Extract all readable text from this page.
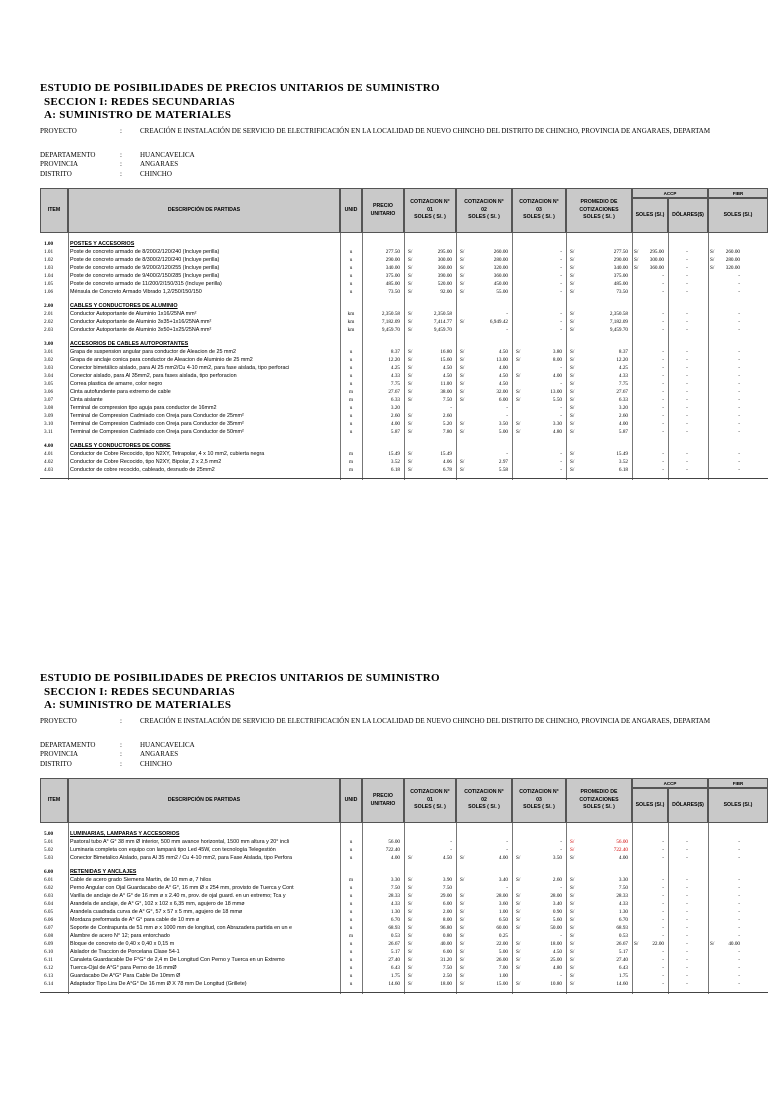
ESTUDIO DE POSIBILIDADES DE PRECIOS UNITARIOS DE SUMINISTRO
SECCION I: REDES SECUNDARIAS
A: SUMINISTRO DE MATERIALES
PROYECTO	:	CREACIÓN E INSTALACIÓN DE SERVICIO DE ELECTRIFICACIÓN EN LA LOCALIDAD DE NUEVO CHINCHO DEL DISTRITO DE CHINCHO, PROVINCIA DE ANGARAES, DEPARTAM
DEPARTAMENTO	:	HUANCAVELICA
PROVINCIA	:	ANGARAES
DISTRITO	:	CHINCHO
ITEM	DESCRIPCIÓN DE PARTIDAS	UNID
PRECIO
UNITARIO
COTIZACION N°
01
SOLES ( S/. )
COTIZACION N°
02
SOLES ( S/. )
COTIZACION N°
03
SOLES ( S/. )
PROMEDIO DE
COTIZACIONES
SOLES ( S/. )
ACCP	FIBR
SOLES (S/.)	DÓLARES($)	SOLES (S/.)
1.00	POSTES Y ACCESORIOS
1.01	Poste de concreto armado de 8/200/2/120/240 (Incluye perilla)	u	277.50 S/	295.00 S/	260.00	- S/	277.50 S/	295.00	-	S/	260.00
1.02	Poste de concreto armado de 8/300/2/120/240 (Incluye perilla)	u	290.00 S/	300.00 S/	280.00	- S/	290.00 S/	300.00	-	S/	280.00
1.03	Poste de concreto armado de 9/200/2/120/255 (Incluye perilla)	u	340.00 S/	360.00 S/	320.00	- S/	340.00 S/	360.00	-	S/	320.00
1.04	Poste de concreto armado de 9/400/2/150/285 (Incluye perilla)	u	375.00 S/	390.00 S/	360.00	- S/	375.00	-	-	-
1.05	Poste de concreto armado de 11/200/2/150/315 (Incluye perilla)	u	485.00 S/	520.00 S/	450.00	- S/	485.00	-	-	-
1.06	Ménsula de Concreto Armado Vibrado 1,2/250/150/150	u	73.50 S/	92.00 S/	55.00	- S/	73.50	-	-	-
2.00	CABLES Y CONDUCTORES DE ALUMINIO
2.01	Conductor Autoportante de Aluminio 1x16/25NA mm²	km	2,350.58 S/	2,350.58	-	- S/	2,350.58	-	-	-
2.02	Conductor Autoportante de Aluminio 3x35+1x16/25NA mm²	km	7,182.09 S/	7,414.77 S/	6,949.42	- S/	7,182.09	-	-	-
2.03	Conductor Autoportante de Aluminio 3x50+1x25/25NA mm²	km	9,459.70 S/	9,459.70	-	- S/	9,459.70	-	-	-
3.00	ACCESORIOS DE CABLES AUTOPORTANTES
3.01	Grapa de suspension angular para conductor de Aleacion de 25 mm2	u	8.37 S/	16.80 S/	4.50 S/	3.80 S/	8.37	-	-	-
3.02	Grapa de anclaje conica para conductor de Aleacion de Aluminio de 25 mm2	u	12.20 S/	15.60 S/	13.00 S/	8.00 S/	12.20	-	-	-
3.03	Conector bimetálico aislado, para Al 25 mm2/Cu 4-10 mm2, para fase aislada, tipo perforaci	u	4.25 S/	4.50 S/	4.00	- S/	4.25	-	-	-
3.04	Conector aislado, para Al 35mm2, para fases aislada, tipo perforacion	u	4.33 S/	4.50 S/	4.50 S/	4.00 S/	4.33	-	-	-
3.05	Correa plastica de amarre, color negro	u	7.75 S/	11.00 S/	4.50	- S/	7.75	-	-	-
3.06	Cinta autofundente para extremo de cable	m	27.67 S/	38.00 S/	32.00 S/	13.00 S/	27.67	-	-	-
3.07	Cinta aislante	m	6.33 S/	7.50 S/	6.00 S/	5.50 S/	6.33	-	-	-
3.08	Terminal de compresion tipo aguja para conductor de 16mm2	u	3.20	-	-	- S/	3.20	-	-	-
3.09	Terminal de Compresion Cadmiado con Oreja para Conductor de 25mm²	u	2.60 S/	2.60	-	- S/	2.60	-	-	-
3.10	Terminal de Compresion Cadmiado con Oreja para Conductor de 35mm²	u	4.00 S/	5.20 S/	3.50 S/	3.30 S/	4.00	-	-	-
3.11	Terminal de Compresion Cadmiado con Oreja para Conductor de 50mm²	u	5.87 S/	7.80 S/	5.00 S/	4.80 S/	5.87	-	-	-
4.00	CABLES Y CONDUCTORES DE COBRE
4.01	Conductor de Cobre Recocido, tipo N2XY, Tetrapolar, 4 x 10 mm2, cubierta negra	m	15.49 S/	15.49	-	- S/	15.49	-	-	-
4.02	Conductor de Cobre Recocido, tipo N2XY, Bipolar, 2 x 2,5 mm2	m	3.52 S/	4.06 S/	2.97	- S/	3.52	-	-	-
4.03	Conductor de cobre recocido, cableado, desnudo de 25mm2	m	6.18 S/	6.78 S/	5.58	- S/	6.18	-	-	-
ESTUDIO DE POSIBILIDADES DE PRECIOS UNITARIOS DE SUMINISTRO
SECCION I: REDES SECUNDARIAS
A: SUMINISTRO DE MATERIALES
PROYECTO	:	CREACIÓN E INSTALACIÓN DE SERVICIO DE ELECTRIFICACIÓN EN LA LOCALIDAD DE NUEVO CHINCHO DEL DISTRITO DE CHINCHO, PROVINCIA DE ANGARAES, DEPARTAM
DEPARTAMENTO	:	HUANCAVELICA
PROVINCIA	:	ANGARAES
DISTRITO	:	CHINCHO
ITEM	DESCRIPCIÓN DE PARTIDAS	UNID
PRECIO
UNITARIO
COTIZACION N°
01
SOLES ( S/. )
COTIZACION N°
02
SOLES ( S/. )
COTIZACION N°
03
SOLES ( S/. )
PROMEDIO DE
COTIZACIONES
SOLES ( S/. )
ACCP	FIBR
SOLES (S/.)	DÓLARES($)	SOLES (S/.)
5.00	LUMINARIAS, LAMPARAS Y ACCESORIOS
5.01	Pastoral tubo A° G° 38 mm Ø interior, 500 mm avance horizontal, 1500 mm altura y 20° incli	u	56.00	-	-	- S/	56.00	-	-	-
5.02	Luminaria completa con equipo con lampará tipo Led 45W, con tecnología Telegestión	u	722.40	-	-	- S/	722.40	-	-	-
5.03	Conector Bimetalico Aislado, para Al 35 mm2 / Cu 4-10 mm2, para Fase Aislada, tipo Perfora	u	4.00 S/	4.50 S/	4.00 S/	3.50 S/	4.00	-	-	-
6.00	RETENIDAS Y ANCLAJES
6.01	Cable de acero grado Siemens Martin, de 10 mm ø, 7 hilos	m	3.30 S/	3.90 S/	3.40 S/	2.60 S/	3.30	-	-	-
6.02	Perno Angular con Ojal Guardacabo de A° G°, 16 mm Ø x 254 mm, provisto de Tuerca y Cont	u	7.50 S/	7.50	-	- S/	7.50	-	-	-
6.03	Varilla de anclaje de A° G° de 16 mm ø x 2.40 m, prov. de ojal guard. en un extremo; Tca y	u	28.33 S/	29.00 S/	28.00 S/	28.00 S/	28.33	-	-	-
6.04	Arandela de anclaje, de A° G°, 102 x 102 x 6,35 mm, agujero de 18 mmø	u	4.33 S/	6.00 S/	3.60 S/	3.40 S/	4.33	-	-	-
6.05	Arandela cuadrada curva de A° G°, 57 x 57 x 5 mm, agujero de 18 mmø	u	1.30 S/	2.00 S/	1.00 S/	0.90 S/	1.30	-	-	-
6.06	Mordaza preformada de A° G° para cable de 10 mm ø	u	6.70 S/	8.00 S/	6.50 S/	5.60 S/	6.70	-	-	-
6.07	Soporte de Contrapunta de 51 mm ø x 1000 mm de longitud, con Abrazadera partida en un e	u	68.93 S/	96.80 S/	60.00 S/	50.00 S/	68.93	-	-	-
6.08	Alambre de acero N° 12; para entorchado	m	0.53 S/	0.80 S/	0.25	- S/	0.53	-	-	-
6.09	Bloque de concreto de 0,40 x 0,40 x 0,15 m	u	26.67 S/	40.00 S/	22.00 S/	18.00 S/	26.67 S/	22.00	-	S/	40.00
6.10	Aislador de Traccion de Porcelana Clase 54-1	u	5.17 S/	6.00 S/	5.00 S/	4.50 S/	5.17	-	-	-
6.11	Canaleta Guardacable De F°G° de 2,4 m De Longitud Con Perno y Tuerca en un Extremo	u	27.40 S/	31.20 S/	26.00 S/	25.00 S/	27.40	-	-	-
6.12	Tuerca-Ojal de A°G° para Perno de 16 mmØ	u	6.43 S/	7.50 S/	7.00 S/	4.80 S/	6.43	-	-	-
6.13	Guardacabo De A°G° Para Cable De 10mm Ø	u	1.75 S/	2.50 S/	1.00	- S/	1.75	-	-	-
6.14	Adaptador Tipo Lira De A°G° De 16 mm Ø X 78 mm De Longitud (Grillete)	u	14.60 S/	18.00 S/	15.00 S/	10.80 S/	14.60	-	-	-
